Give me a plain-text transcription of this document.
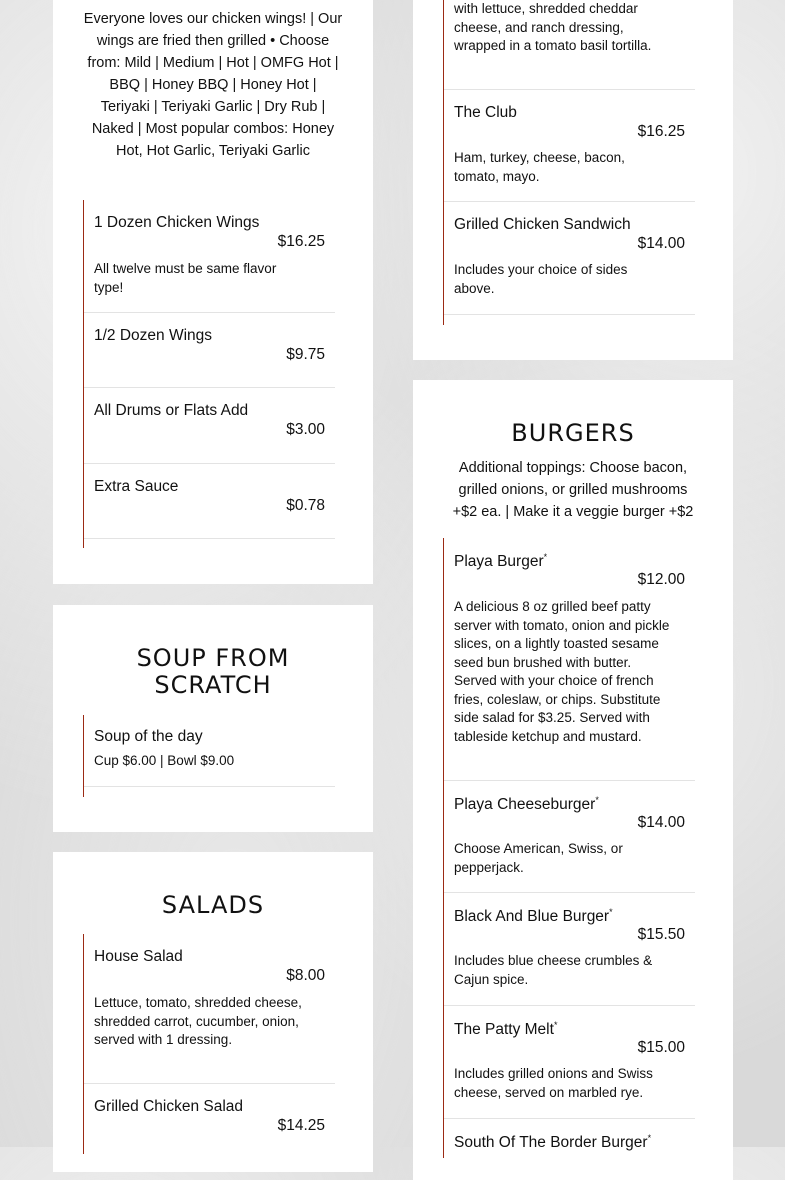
Everyone loves our chicken wings! | Our wings are fried then grilled • Choose from: Mild | Medium | Hot | OMFG Hot | BBQ | Honey BBQ | Honey Hot | Teriyaki | Teriyaki Garlic | Dry Rub | Naked | Most popular combos: Honey Hot, Hot Garlic, Teriyaki Garlic
1 Dozen Chicken Wings
$16.25
All twelve must be same flavor type!
1/2 Dozen Wings
$9.75
All Drums or Flats Add
$3.00
Extra Sauce
$0.78
SOUP FROM SCRATCH
Soup of the day
Cup $6.00 | Bowl $9.00
SALADS
House Salad
$8.00
Lettuce, tomato, shredded cheese, shredded carrot, cucumber, onion, served with 1 dressing.
Grilled Chicken Salad
$14.25
with lettuce, shredded cheddar cheese, and ranch dressing, wrapped in a tomato basil tortilla.
The Club
$16.25
Ham, turkey, cheese, bacon, tomato, mayo.
Grilled Chicken Sandwich
$14.00
Includes your choice of sides above.
BURGERS
Additional toppings: Choose bacon, grilled onions, or grilled mushrooms +$2 ea. | Make it a veggie burger +$2
Playa Burger*
$12.00
A delicious 8 oz grilled beef patty server with tomato, onion and pickle slices, on a lightly toasted sesame seed bun brushed with butter. Served with your choice of french fries, coleslaw, or chips. Substitute side salad for $3.25. Served with tableside ketchup and mustard.
Playa Cheeseburger*
$14.00
Choose American, Swiss, or pepperjack.
Black And Blue Burger*
$15.50
Includes blue cheese crumbles & Cajun spice.
The Patty Melt*
$15.00
Includes grilled onions and Swiss cheese, served on marbled rye.
South Of The Border Burger*
